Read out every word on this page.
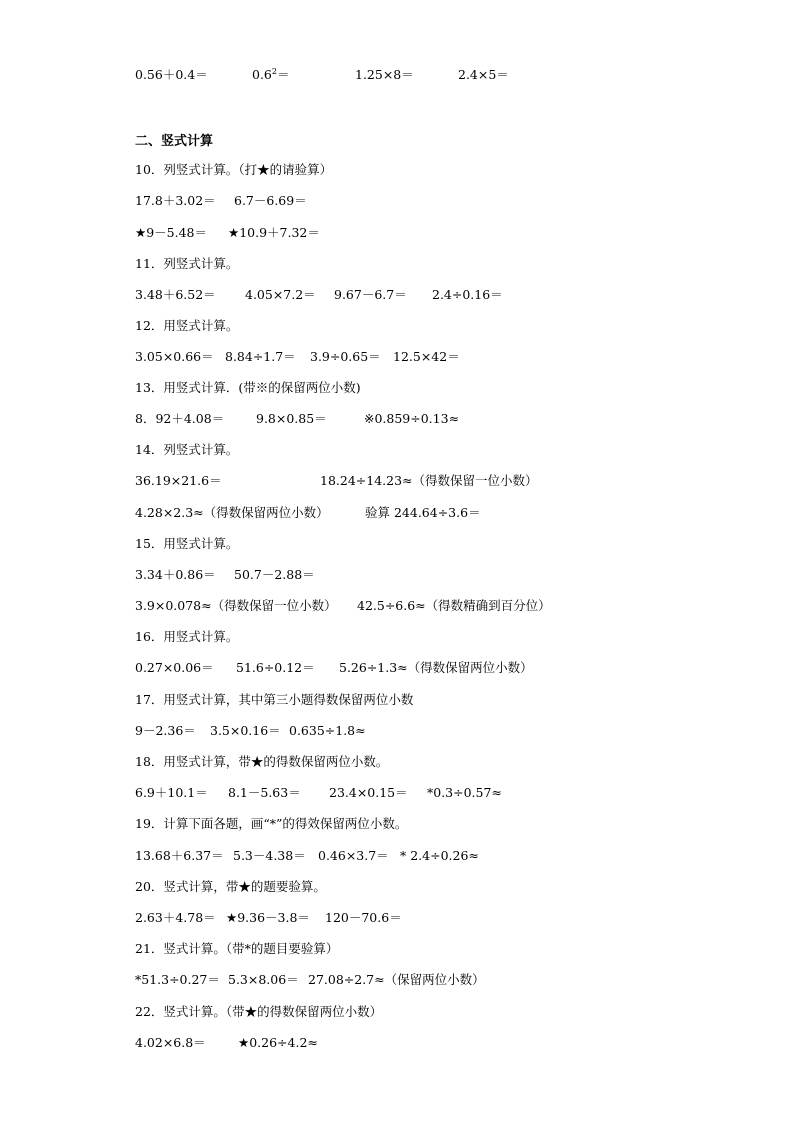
0.56＋0.4＝	$0.6^2=$	1.25×8＝	2.4×5＝
二、竖式计算
10．列竖式计算。（打★的请验算）
17.8＋3.02＝ 6.7－6.69＝
★9－5.48＝ ★10.9＋7.32＝
11．列竖式计算。
3.48＋6.52＝ 4.05×7.2＝ 9.67－6.7＝ 2.4÷0.16＝
12．用竖式计算。
3.05×0.66＝ 8.84÷1.7＝ 3.9÷0.65＝ 12.5×42＝
13．用竖式计算．(带※的保留两位小数)
8．92＋4.08＝	9.8×0.85＝	※0.859÷0.13≈
14．列竖式计算。
36.19×21.6＝	18.24÷14.23≈（得数保留一位小数）
4.28×2.3≈（得数保留两位小数）	验算 244.64÷3.6＝
15．用竖式计算。
3.34＋0.86＝ 50.7－2.88＝
3.9×0.078≈（得数保留一位小数） 42.5÷6.6≈（得数精确到百分位）
16．用竖式计算。
0.27×0.06＝ 51.6÷0.12＝ 5.26÷1.3≈（得数保留两位小数）
17．用竖式计算，其中第三小题得数保留两位小数
9－2.36＝ 3.5×0.16＝ 0.635÷1.8≈
18．用竖式计算，带★的得数保留两位小数。
6.9＋10.1＝ 8.1－5.63＝ 23.4×0.15＝ *0.3÷0.57≈
19．计算下面各题，画“*”的得效保留两位小数。
13.68＋6.37＝ 5.3－4.38＝ 0.46×3.7＝ * 2.4÷0.26≈
20．竖式计算，带★的题要验算。
2.63＋4.78＝ ★9.36－3.8＝ 120－70.6＝
21．竖式计算。（带*的题目要验算）
*51.3÷0.27＝ 5.3×8.06＝ 27.08÷2.7≈（保留两位小数）
22．竖式计算。（带★的得数保留两位小数）
4.02×6.8＝	★0.26÷4.2≈
